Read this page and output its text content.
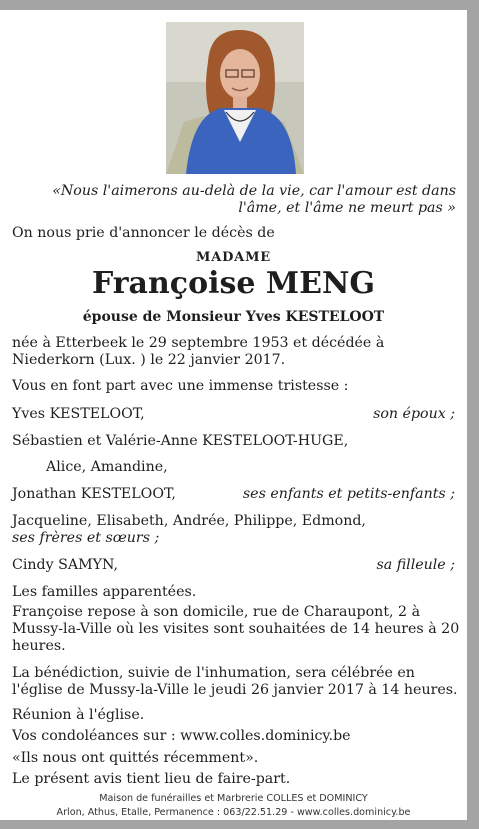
«Nous l'aimerons au-delà de la vie, car l'amour est dans l'âme, et l'âme ne meurt pas »

On nous prie d'annoncer le décès de

MADAME

Françoise MENG

épouse de Monsieur Yves KESTELOOT

née à Etterbeek le 29 septembre 1953 et décédée à

Niederkorn (Lux. ) le 22 janvier 2017.

Vous en font part avec une immense tristesse :

Yves KESTELOOT,	son époux ;
Sébastien et Valérie-Anne KESTELOOT-HUGE,
Alice, Amandine,
Jonathan KESTELOOT,	ses enfants et petits-enfants ;
Jacqueline, Elisabeth, Andrée, Philippe, Edmond,

ses frères et sœurs ;

Cindy SAMYN,	sa filleule ;

Les familles apparentées.

Françoise repose à son domicile, rue de Charaupont, 2 à Mussy-la-Ville où les visites sont souhaitées de 14 heures à 20 heures.

La bénédiction, suivie de l'inhumation, sera célébrée en l'église de Mussy-la-Ville le jeudi 26 janvier 2017 à 14 heures.

Réunion à l'église.

Vos condoléances sur : www.colles.dominicy.be

«Ils nous ont quittés récemment».

Le présent avis tient lieu de faire-part.

Maison de funérailles et Marbrerie COLLES et DOMINICY

Arlon, Athus, Etalle, Permanence : 063/22.51.29 - www.colles.dominicy.be
